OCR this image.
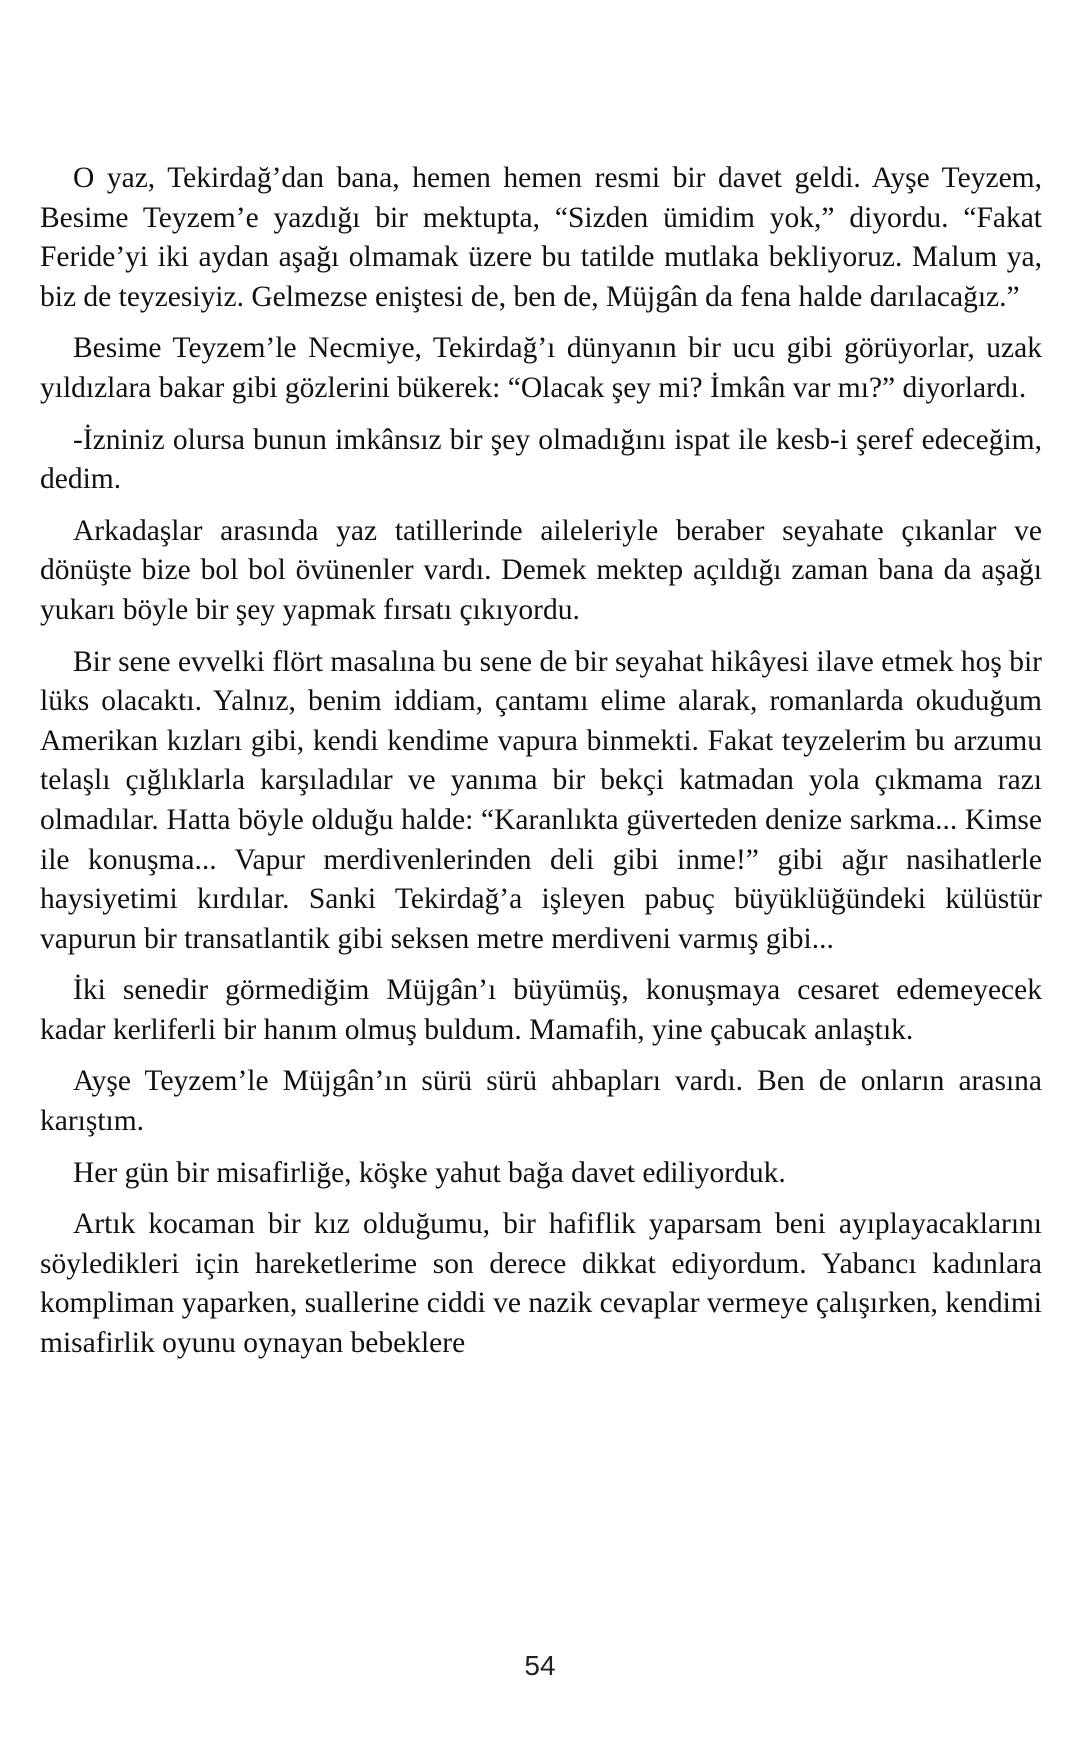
O yaz, Tekirdağ’dan bana, hemen hemen resmi bir davet geldi. Ayşe Teyzem, Besime Teyzem’e yazdığı bir mektupta, “Sizden ümidim yok,” diyordu. “Fakat Feride’yi iki aydan aşağı olmamak üzere bu tatilde mutlaka bekliyoruz. Malum ya, biz de teyzesiyiz. Gelmezse eniştesi de, ben de, Müjgân da fena halde darılacağız.”

Besime Teyzem’le Necmiye, Tekirdağ’ı dünyanın bir ucu gibi görüyorlar, uzak yıldızlara bakar gibi gözlerini bükerek: “Olacak şey mi? İmkân var mı?” diyorlardı.

-İzniniz olursa bunun imkânsız bir şey olmadığını ispat ile kesb-i şeref edeceğim, dedim.

Arkadaşlar arasında yaz tatillerinde aileleriyle beraber seyahate çıkanlar ve dönüşte bize bol bol övünenler vardı. Demek mektep açıldığı zaman bana da aşağı yukarı böyle bir şey yapmak fırsatı çıkıyordu.

Bir sene evvelki flört masalına bu sene de bir seyahat hikâyesi ilave etmek hoş bir lüks olacaktı. Yalnız, benim iddiam, çantamı elime alarak, romanlarda okuduğum Amerikan kızları gibi, kendi kendime vapura binmekti. Fakat teyzelerim bu arzumu telaşlı çığlıklarla karşıladılar ve yanıma bir bekçi katmadan yola çıkmama razı olmadılar. Hatta böyle olduğu halde: “Karanlıkta güverteden denize sarkma... Kimse ile konuşma... Vapur merdivenlerinden deli gibi inme!” gibi ağır nasihatlerle haysiyetimi kırdılar. Sanki Tekirdağ’a işleyen pabuç büyüklüğündeki külüstür vapurun bir transatlantik gibi seksen metre merdiveni varmış gibi...

İki senedir görmediğim Müjgân’ı büyümüş, konuşmaya cesaret edemeyecek kadar kerliferli bir hanım olmuş buldum. Mamafih, yine çabucak anlaştık.

Ayşe Teyzem’le Müjgân’ın sürü sürü ahbapları vardı. Ben de onların arasına karıştım.

Her gün bir misafirliğe, köşke yahut bağa davet ediliyorduk.

Artık kocaman bir kız olduğumu, bir hafiflik yaparsam beni ayıplayacaklarını söyledikleri için hareketlerime son derece dikkat ediyordum. Yabancı kadınlara kompliman yaparken, suallerine ciddi ve nazik cevaplar vermeye çalışırken, kendimi misafirlik oyunu oynayan bebeklere

54
